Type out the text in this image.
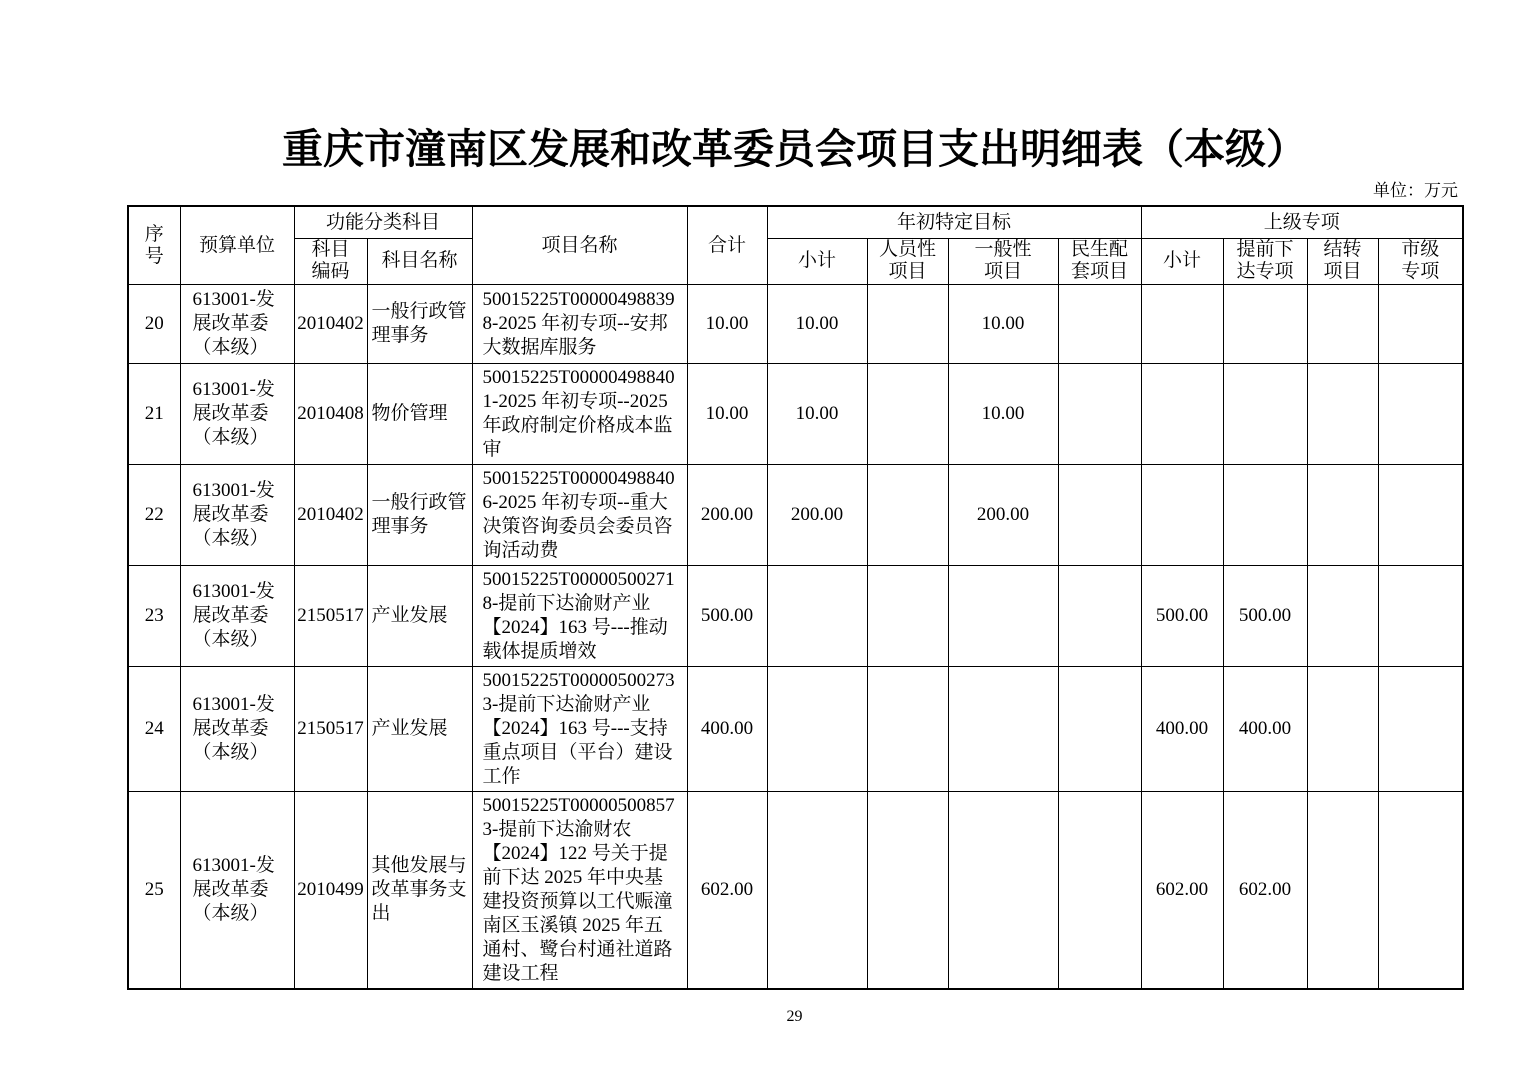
重庆市潼南区发展和改革委员会项目支出明细表（本级）
单位：万元
序号	预算单位	功能分类科目		项目名称	合计	年初特定目标				上级专项			
		科目编码	科目名称			小计	人员性项目	一般性项目	民生配套项目	小计	提前下达专项	结转项目	市级专项
20	613001-发展改革委（本级）	2010402	一般行政管理事务	50015225T000004988398-2025 年初专项--安邦大数据库服务	10.00	10.00		10.00					
21	613001-发展改革委（本级）	2010408	物价管理	50015225T000004988401-2025 年初专项--2025 年政府制定价格成本监审	10.00	10.00		10.00					
22	613001-发展改革委（本级）	2010402	一般行政管理事务	50015225T000004988406-2025 年初专项--重大决策咨询委员会委员咨询活动费	200.00	200.00		200.00					
23	613001-发展改革委（本级）	2150517	产业发展	50015225T000005002718-提前下达渝财产业【2024】163 号---推动载体提质增效	500.00					500.00	500.00		
24	613001-发展改革委（本级）	2150517	产业发展	50015225T000005002733-提前下达渝财产业【2024】163 号---支持重点项目（平台）建设工作	400.00					400.00	400.00		
25	613001-发展改革委（本级）	2010499	其他发展与改革事务支出	50015225T000005008573-提前下达渝财农【2024】122 号关于提前下达 2025 年中央基建投资预算以工代赈潼南区玉溪镇 2025 年五通村、鹭台村通社道路建设工程	602.00					602.00	602.00		
29
